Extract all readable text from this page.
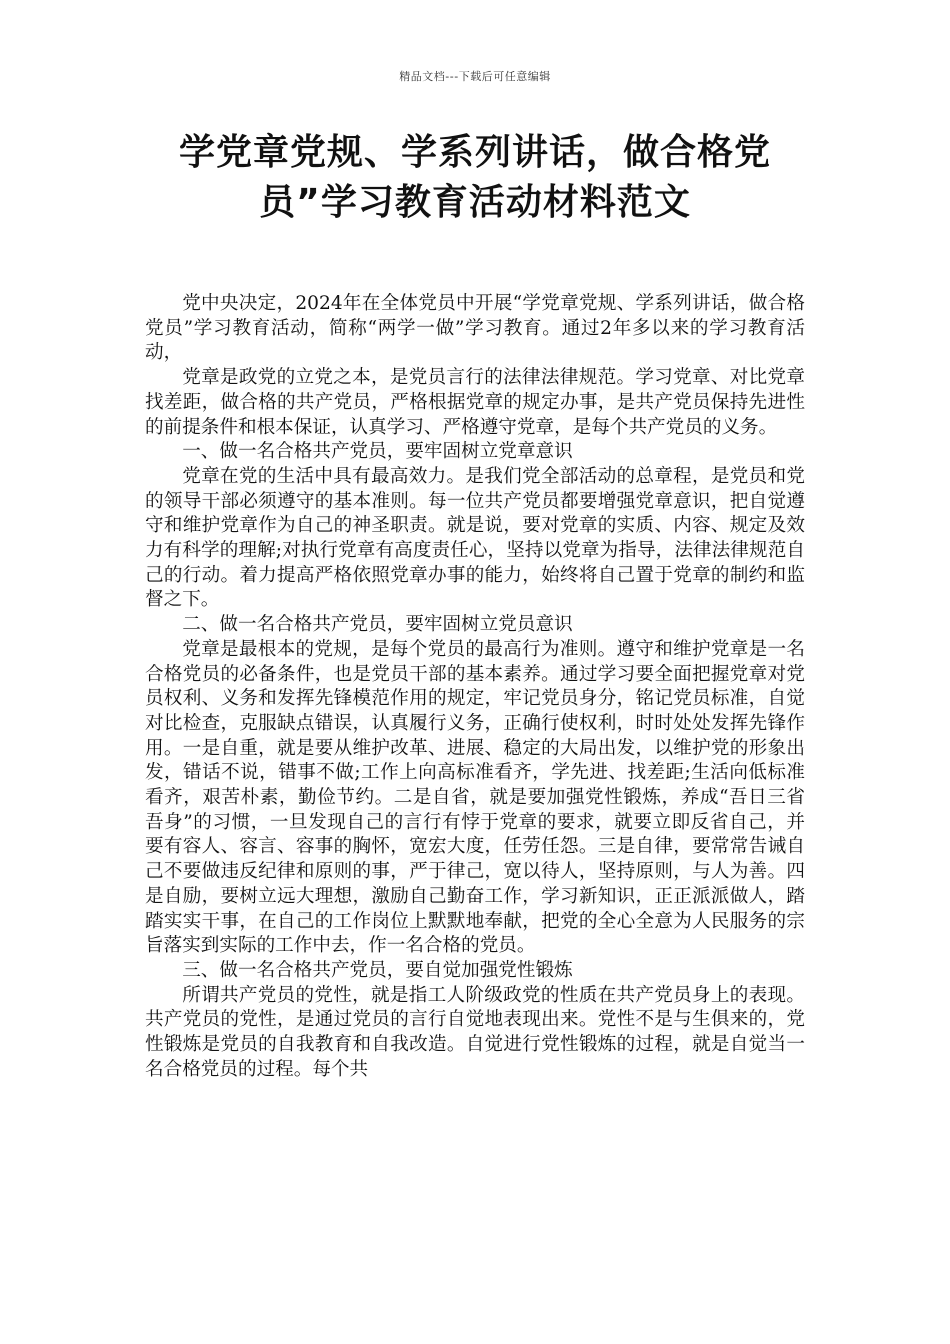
精品文档---下载后可任意编辑
学党章党规、学系列讲话，做合格党员”学习教育活动材料范文

党中央决定，2024年在全体党员中开展“学党章党规、学系列讲话，做合格党员”学习教育活动，简称“两学一做”学习教育。通过2年多以来的学习教育活动，

党章是政党的立党之本，是党员言行的法律法律规范。学习党章、对比党章找差距，做合格的共产党员，严格根据党章的规定办事，是共产党员保持先进性的前提条件和根本保证，认真学习、严格遵守党章，是每个共产党员的义务。

一、做一名合格共产党员，要牢固树立党章意识

党章在党的生活中具有最高效力。是我们党全部活动的总章程，是党员和党的领导干部必须遵守的基本准则。每一位共产党员都要增强党章意识，把自觉遵守和维护党章作为自己的神圣职责。就是说，要对党章的实质、内容、规定及效力有科学的理解;对执行党章有高度责任心，坚持以党章为指导，法律法律规范自己的行动。着力提高严格依照党章办事的能力，始终将自己置于党章的制约和监督之下。

二、做一名合格共产党员，要牢固树立党员意识

党章是最根本的党规，是每个党员的最高行为准则。遵守和维护党章是一名合格党员的必备条件，也是党员干部的基本素养。通过学习要全面把握党章对党员权利、义务和发挥先锋模范作用的规定，牢记党员身分，铭记党员标准，自觉对比检查，克服缺点错误，认真履行义务，正确行使权利，时时处处发挥先锋作用。一是自重，就是要从维护改革、进展、稳定的大局出发，以维护党的形象出发，错话不说，错事不做;工作上向高标准看齐，学先进、找差距;生活向低标准看齐，艰苦朴素，勤俭节约。二是自省，就是要加强党性锻炼，养成“吾日三省吾身”的习惯，一旦发现自己的言行有悖于党章的要求，就要立即反省自己，并要有容人、容言、容事的胸怀，宽宏大度，任劳任怨。三是自律，要常常告诫自己不要做违反纪律和原则的事，严于律己，宽以待人，坚持原则，与人为善。四是自励，要树立远大理想，激励自己勤奋工作，学习新知识，正正派派做人，踏踏实实干事，在自己的工作岗位上默默地奉献，把党的全心全意为人民服务的宗旨落实到实际的工作中去，作一名合格的党员。

三、做一名合格共产党员，要自觉加强党性锻炼

所谓共产党员的党性，就是指工人阶级政党的性质在共产党员身上的表现。共产党员的党性，是通过党员的言行自觉地表现出来。党性不是与生俱来的，党性锻炼是党员的自我教育和自我改造。自觉进行党性锻炼的过程，就是自觉当一名合格党员的过程。每个共
